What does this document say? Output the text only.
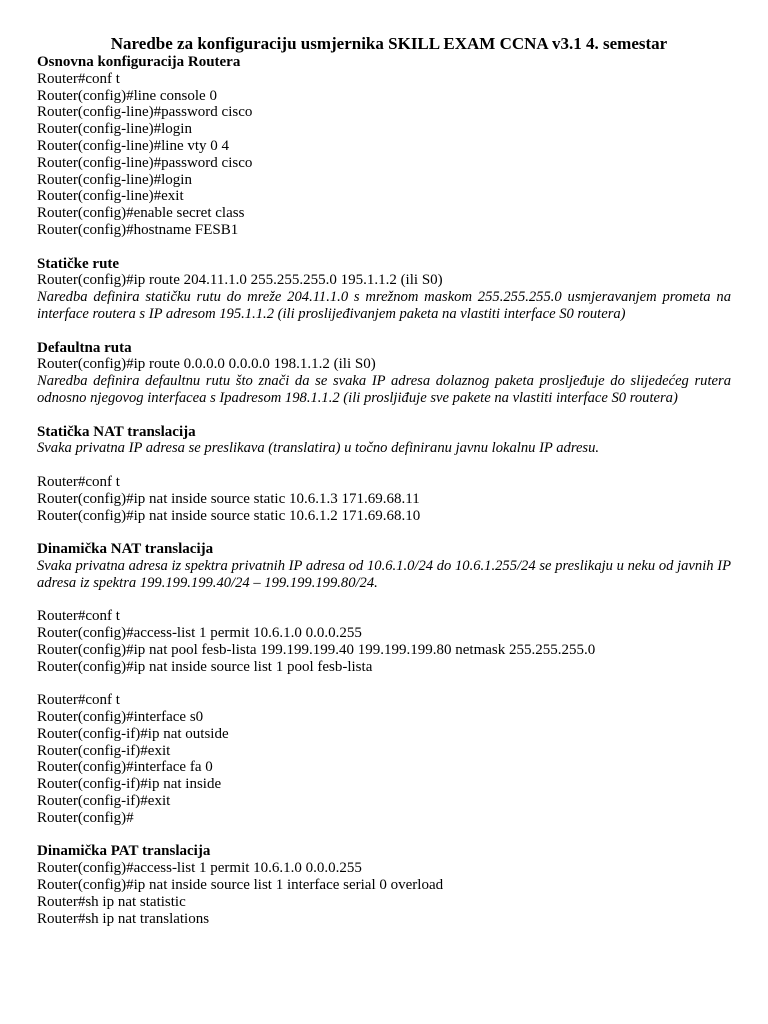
Naredbe za konfiguraciju usmjernika SKILL EXAM CCNA v3.1 4. semestar
Osnovna konfiguracija Routera
Router#conf t
Router(config)#line console 0
Router(config-line)#password cisco
Router(config-line)#login
Router(config-line)#line vty 0 4
Router(config-line)#password cisco
Router(config-line)#login
Router(config-line)#exit
Router(config)#enable secret class
Router(config)#hostname FESB1
Statičke rute
Router(config)#ip route 204.11.1.0 255.255.255.0 195.1.1.2 (ili S0)
Naredba definira statičku rutu do mreže 204.11.1.0 s mrežnom maskom 255.255.255.0 usmjeravanjem prometa na interface routera s IP adresom 195.1.1.2 (ili proslijeđivanjem paketa na vlastiti interface S0 routera)
Defaultna ruta
Router(config)#ip route 0.0.0.0 0.0.0.0 198.1.1.2 (ili S0)
Naredba definira defaultnu rutu što znači da se svaka IP adresa dolaznog paketa prosljeđuje do slijedećeg rutera odnosno njegovog interfacea s Ipadresom 198.1.1.2 (ili prosljiđuje sve pakete na vlastiti interface S0 routera)
Statička NAT translacija
Svaka privatna IP adresa se preslikava (translatira) u točno definiranu javnu lokalnu IP adresu.
Router#conf t
Router(config)#ip nat inside source static 10.6.1.3 171.69.68.11
Router(config)#ip nat inside source static 10.6.1.2 171.69.68.10
Dinamička NAT translacija
Svaka privatna adresa iz spektra privatnih IP adresa od 10.6.1.0/24 do 10.6.1.255/24 se preslikaju u neku od javnih IP adresa iz spektra 199.199.199.40/24 – 199.199.199.80/24.
Router#conf t
Router(config)#access-list 1 permit 10.6.1.0 0.0.0.255
Router(config)#ip nat pool fesb-lista 199.199.199.40 199.199.199.80 netmask 255.255.255.0
Router(config)#ip nat inside source list 1 pool fesb-lista
Router#conf t
Router(config)#interface s0
Router(config-if)#ip nat outside
Router(config-if)#exit
Router(config)#interface fa 0
Router(config-if)#ip nat inside
Router(config-if)#exit
Router(config)#
Dinamička PAT translacija
Router(config)#access-list 1 permit 10.6.1.0 0.0.0.255
Router(config)#ip nat inside source list 1 interface serial 0 overload
Router#sh ip nat statistic
Router#sh ip nat translations
